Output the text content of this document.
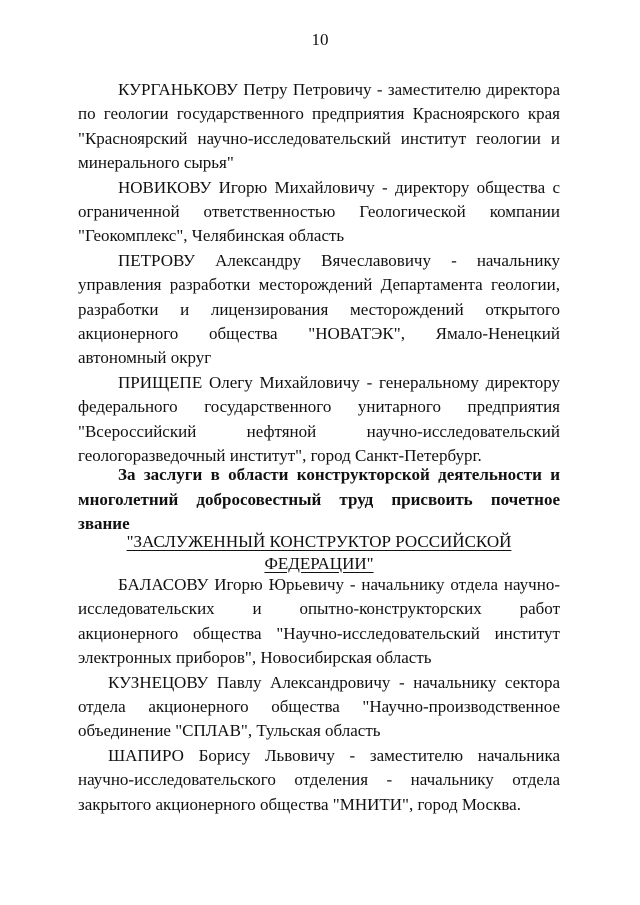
10

КУРГАНЬКОВУ Петру Петровичу - заместителю директора по геологии государственного предприятия Красноярского края "Красноярский научно-исследовательский институт геологии и минерального сырья"

НОВИКОВУ Игорю Михайловичу - директору общества с ограниченной ответственностью Геологической компании "Геокомплекс", Челябинская область

ПЕТРОВУ Александру Вячеславовичу - начальнику управления разработки месторождений Департамента геологии, разработки и лицензирования месторождений открытого акционерного общества "НОВАТЭК", Ямало-Ненецкий автономный округ

ПРИЩЕПЕ Олегу Михайловичу - генеральному директору федерального государственного унитарного предприятия "Всероссийский нефтяной научно-исследовательский геологоразведочный институт", город Санкт-Петербург.

За заслуги в области конструкторской деятельности и многолетний добросовестный труд присвоить почетное звание

"ЗАСЛУЖЕННЫЙ КОНСТРУКТОР РОССИЙСКОЙ ФЕДЕРАЦИИ"

БАЛАСОВУ Игорю Юрьевичу - начальнику отдела научно-исследовательских и опытно-конструкторских работ акционерного общества "Научно-исследовательский институт электронных приборов", Новосибирская область

КУЗНЕЦОВУ Павлу Александровичу - начальнику сектора отдела акционерного общества "Научно-производственное объединение "СПЛАВ", Тульская область

ШАПИРО Борису Львовичу - заместителю начальника научно-исследовательского отделения - начальнику отдела закрытого акционерного общества "МНИТИ", город Москва.
